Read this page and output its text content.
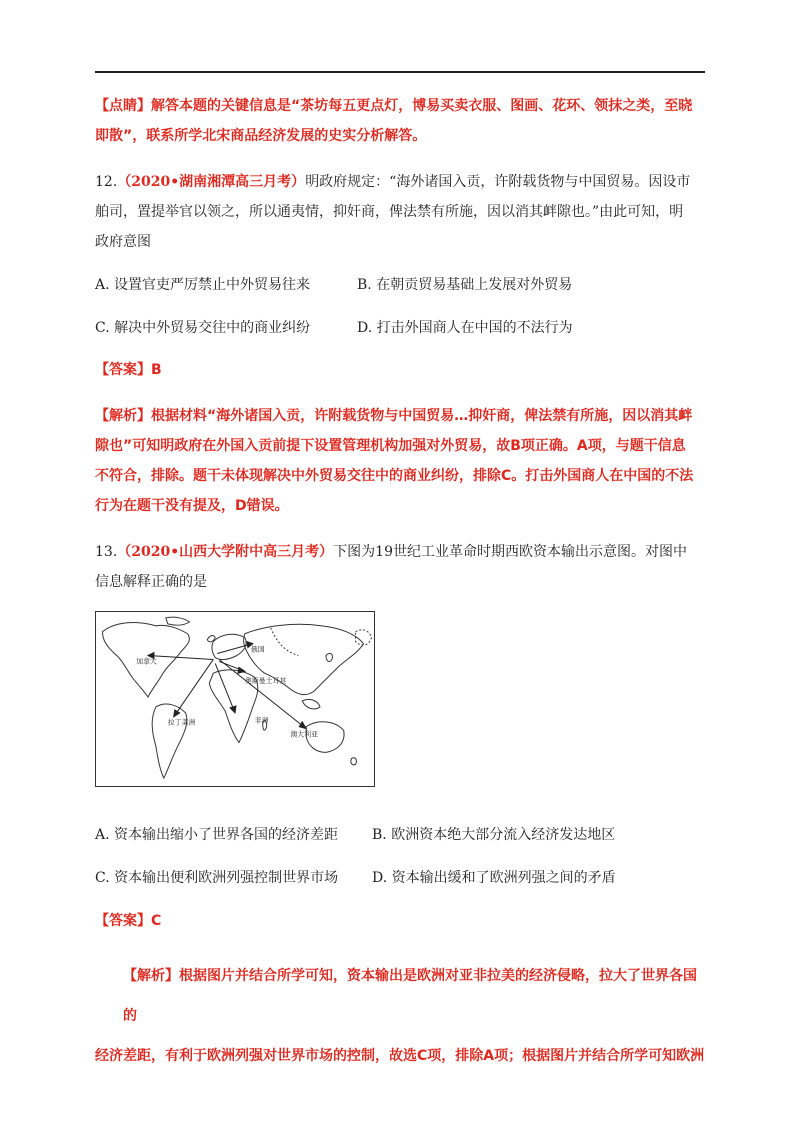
【点睛】解答本题的关键信息是“茶坊每五更点灯，博易买卖衣服、图画、花环、领抹之类，至晓
即散”，联系所学北宋商品经济发展的史实分析解答。
12.（2020•湖南湘潭高三月考）明政府规定：“海外诸国入贡，许附载货物与中国贸易。因设市
舶司，置提举官以领之，所以通夷情，抑奸商，俾法禁有所施，因以消其衅隙也。”由此可知，明
政府意图
A. 设置官吏严厉禁止中外贸易往来	B. 在朝贡贸易基础上发展对外贸易
C. 解决中外贸易交往中的商业纠纷	D. 打击外国商人在中国的不法行为
【答案】B
【解析】根据材料“海外诸国入贡，许附载货物与中国贸易…抑奸商，俾法禁有所施，因以消其衅
隙也”可知明政府在外国入贡前提下设置管理机构加强对外贸易，故B项正确。A项，与题干信息
不符合，排除。题干未体现解决中外贸易交往中的商业纠纷，排除C。打击外国商人在中国的不法
行为在题干没有提及，D错误。
13.（2020•山西大学附中高三月考）下图为19世纪工业革命时期西欧资本输出示意图。对图中
信息解释正确的是
加拿大
俄国
奥斯曼土耳其
拉丁美洲	非洲
澳大利亚
A. 资本输出缩小了世界各国的经济差距 B. 欧洲资本绝大部分流入经济发达地区
C. 资本输出便利欧洲列强控制世界市场 D. 资本输出缓和了欧洲列强之间的矛盾
【答案】C
【解析】根据图片并结合所学可知，资本输出是欧洲对亚非拉美的经济侵略，拉大了世界各国的
经济差距，有利于欧洲列强对世界市场的控制，故选C项，排除A项；根据图片并结合所学可知欧洲
